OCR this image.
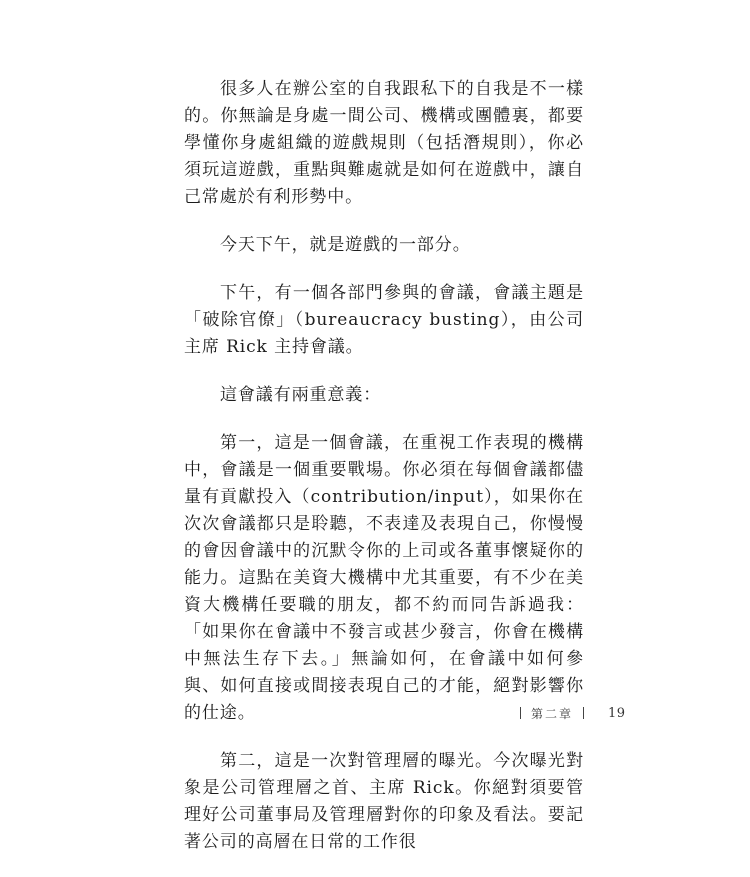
很多人在辦公室的自我跟私下的自我是不一樣的。你無論是身處一間公司、機構或團體裏，都要學懂你身處組織的遊戲規則（包括潛規則），你必須玩這遊戲，重點與難處就是如何在遊戲中，讓自己常處於有利形勢中。

今天下午，就是遊戲的一部分。

下午，有一個各部門參與的會議，會議主題是「破除官僚」（bureaucracy busting），由公司主席 Rick 主持會議。

這會議有兩重意義：

第一，這是一個會議，在重視工作表現的機構中，會議是一個重要戰場。你必須在每個會議都儘量有貢獻投入（contribution/input），如果你在次次會議都只是聆聽，不表達及表現自己，你慢慢的會因會議中的沉默令你的上司或各董事懷疑你的能力。這點在美資大機構中尤其重要，有不少在美資大機構任要職的朋友，都不約而同告訴過我：「如果你在會議中不發言或甚少發言，你會在機構中無法生存下去。」無論如何，在會議中如何參與、如何直接或間接表現自己的才能，絕對影響你的仕途。

第二，這是一次對管理層的曝光。今次曝光對象是公司管理層之首、主席 Rick。你絕對須要管理好公司董事局及管理層對你的印象及看法。要記著公司的高層在日常的工作很

第二章	19
